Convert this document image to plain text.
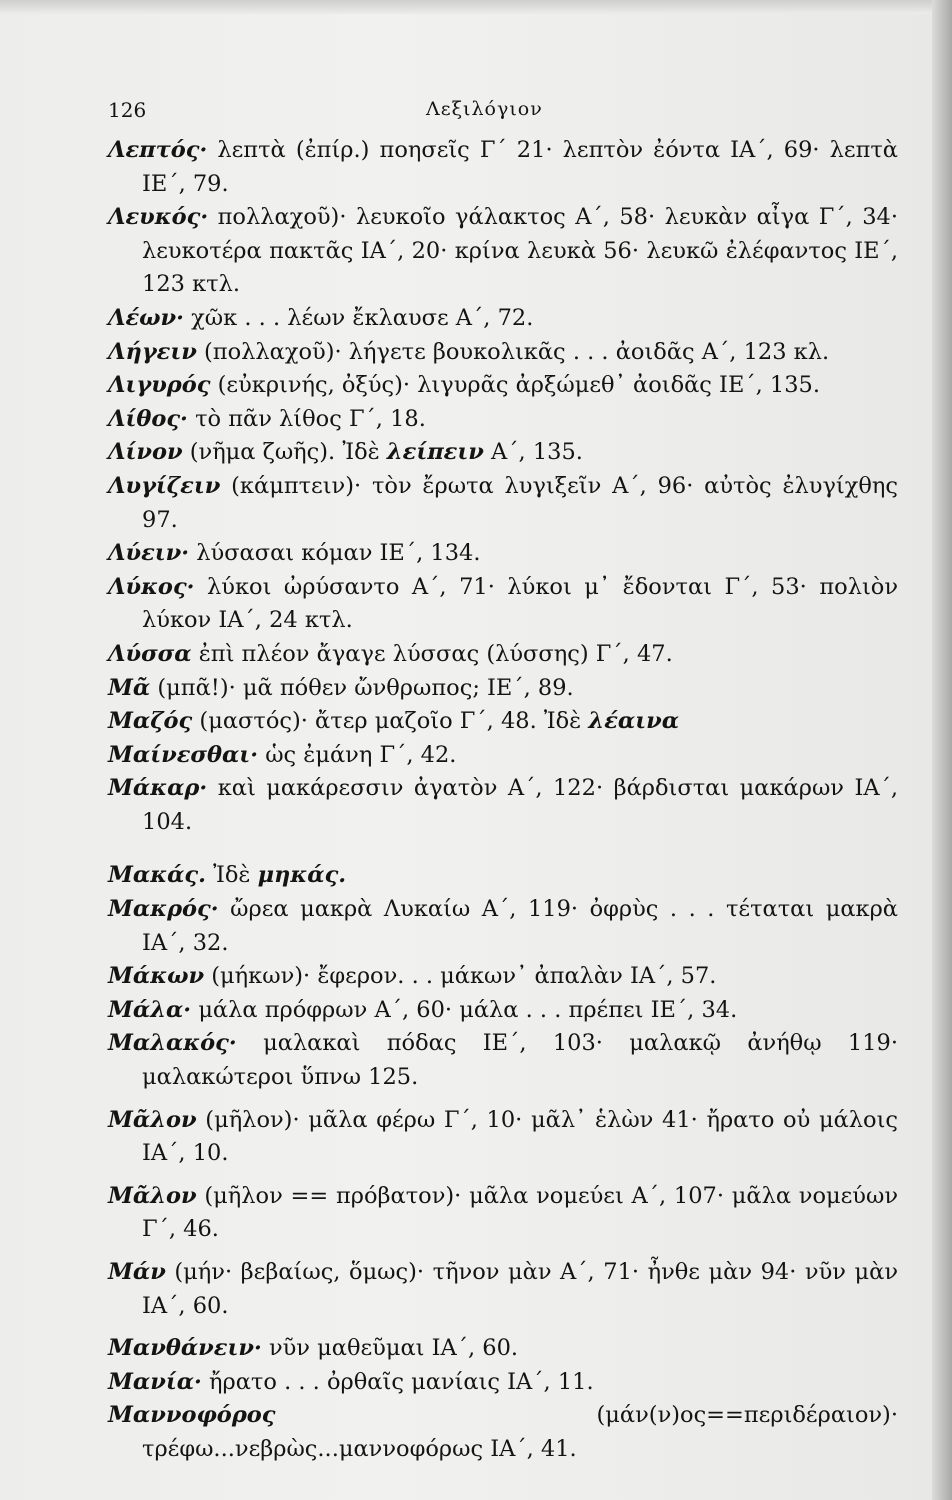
126	Λεξιλόγιον

Λεπτός· λεπτὰ (ἐπίρ.) ποησεῖς Γ΄ 21· λεπτὸν ἐόντα ΙΑ΄, 69· λεπτὰ ΙΕ΄, 79.

Λευκός· πολλαχοῦ)· λευκοῖο γάλακτος Α΄, 58· λευκὰν αἶγα Γ΄, 34· λευκοτέρα πακτᾶς ΙΑ΄, 20· κρίνα λευκὰ 56· λευκῶ ἐλέφαντος ΙΕ΄, 123 κτλ.

Λέων· χῶκ . . . λέων ἔκλαυσε Α΄, 72.

Λήγειν (πολλαχοῦ)· λήγετε βουκολικᾶς . . . ἀοιδᾶς Α΄, 123 κλ.

Λιγυρός (εὐκρινής, ὀξύς)· λιγυρᾶς ἀρξώμεθ᾽ ἀοιδᾶς ΙΕ΄, 135.

Λίθος· τὸ πᾶν λίθος Γ΄, 18.

Λίνον (νῆμα ζωῆς). Ἰδὲ λείπειν Α΄, 135.

Λυγίζειν (κάμπτειν)· τὸν ἔρωτα λυγιξεῖν Α΄, 96· αὐτὸς ἐλυγίχθης 97.

Λύειν· λύσασαι κόμαν ΙΕ΄, 134.

Λύκος· λύκοι ὠρύσαντο Α΄, 71· λύκοι μ᾽ ἔδονται Γ΄, 53· πολιὸν λύκον ΙΑ΄, 24 κτλ.

Λύσσα ἐπὶ πλέον ἄγαγε λύσσας (λύσσης) Γ΄, 47.

Μᾶ (μπᾶ!)· μᾶ πόθεν ὤνθρωπος; ΙΕ΄, 89.

Μαζός (μαστός)· ἄτερ μαζοῖο Γ΄, 48. Ἰδὲ λέαινα

Μαίνεσθαι· ὡς ἐμάνη Γ΄, 42.

Μάκαρ· καὶ μακάρεσσιν ἀγατὸν Α΄, 122· βάρδισται μακάρων ΙΑ΄, 104.

Μακάς. Ἰδὲ μηκάς.

Μακρός· ὤρεα μακρὰ Λυκαίω Α΄, 119· ὀφρὺς . . . τέταται μακρὰ ΙΑ΄, 32.

Μάκων (μήκων)· ἔφερον. . . μάκων᾽ ἀπαλὰν ΙΑ΄, 57.

Μάλα· μάλα πρόφρων Α΄, 60· μάλα . . . πρέπει ΙΕ΄, 34.

Μαλακός· μαλακαὶ πόδας ΙΕ΄, 103· μαλακῷ ἀνήθῳ 119· μαλακώτεροι ὕπνω 125.

Μᾶλον (μῆλον)· μᾶλα φέρω Γ΄, 10· μᾶλ᾽ ἑλὼν 41· ἤρατο οὐ μάλοις ΙΑ΄, 10.

Μᾶλον (μῆλον == πρόβατον)· μᾶλα νομεύει Α΄, 107· μᾶλα νομεύων Γ΄, 46.

Μάν (μήν· βεβαίως, ὅμως)· τῆνον μὰν Α΄, 71· ἦνθε μὰν 94· νῦν μὰν ΙΑ΄, 60.

Μανθάνειν· νῦν μαθεῦμαι ΙΑ΄, 60.

Μανία· ἤρατο . . . ὀρθαῖς μανίαις ΙΑ΄, 11.

Μαννοφόρος	(μάν(ν)ος==περιδέραιον)· τρέφω...νεβρὼς...μαννοφόρως ΙΑ΄, 41.
